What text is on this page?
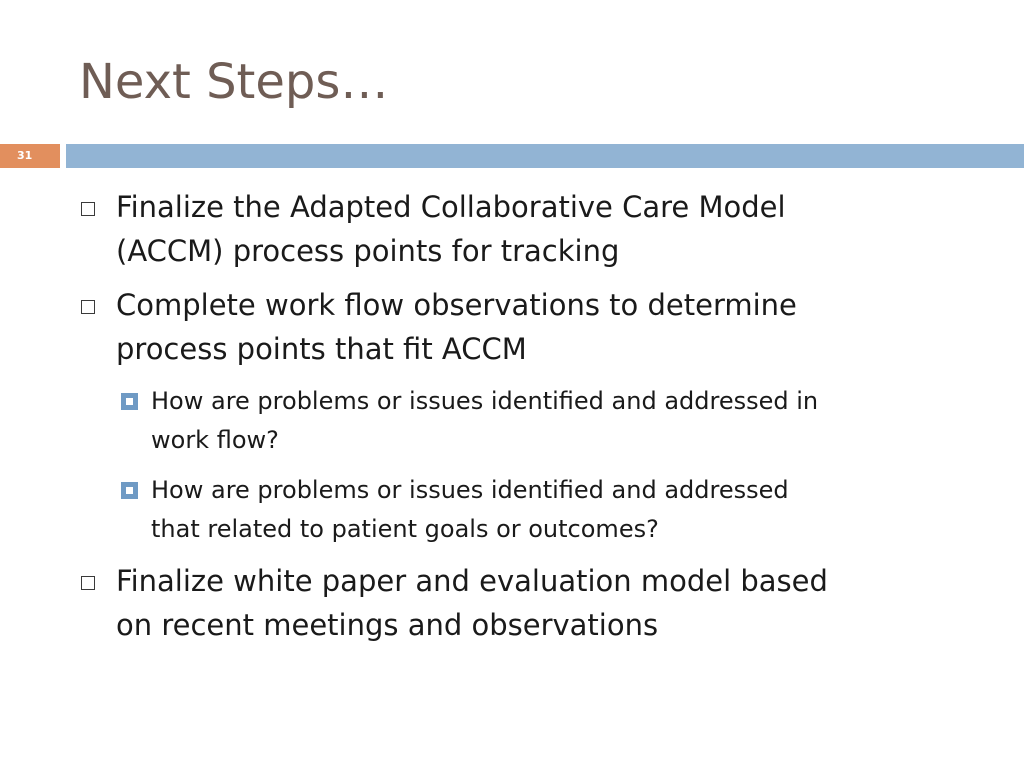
Next Steps…
31
Finalize the Adapted Collaborative Care Model
(ACCM) process points for tracking
Complete work flow observations to determine
process points that fit ACCM
How are problems or issues identified and addressed in
work flow?
How are problems or issues identified and addressed
that related to patient goals or outcomes?
Finalize white paper and evaluation model based
on recent meetings and observations
